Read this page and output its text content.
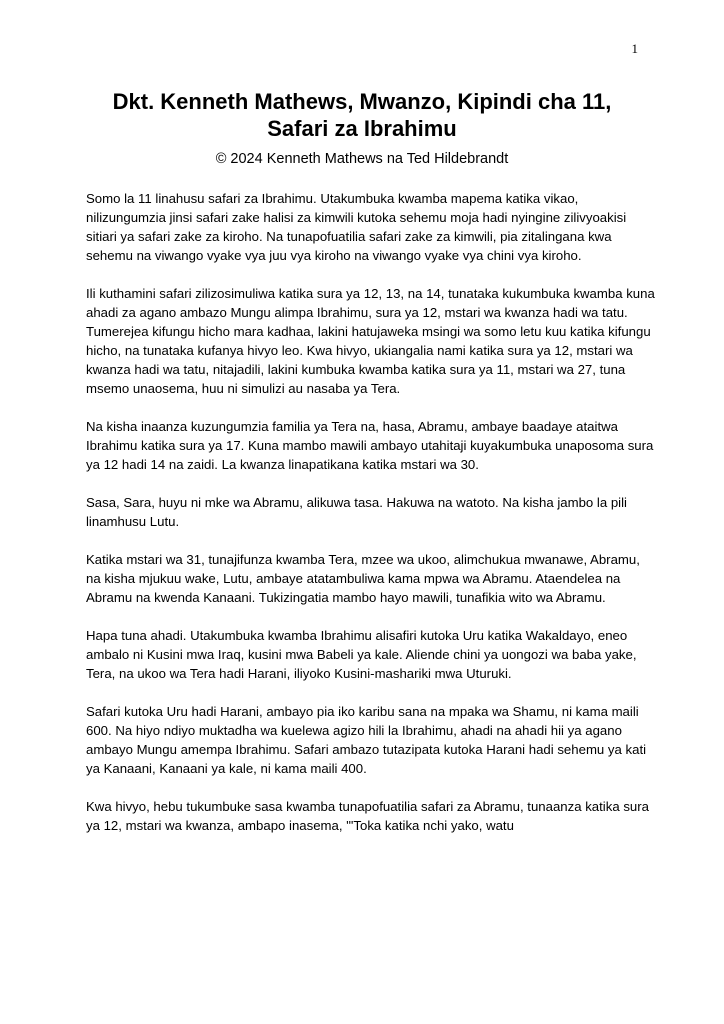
1
Dkt. Kenneth Mathews, Mwanzo, Kipindi cha 11,
Safari za Ibrahimu
© 2024 Kenneth Mathews na Ted Hildebrandt

Somo la 11 linahusu safari za Ibrahimu. Utakumbuka kwamba mapema katika vikao, nilizungumzia jinsi safari zake halisi za kimwili kutoka sehemu moja hadi nyingine zilivyoakisi sitiari ya safari zake za kiroho. Na tunapofuatilia safari zake za kimwili, pia zitalingana kwa sehemu na viwango vyake vya juu vya kiroho na viwango vyake vya chini vya kiroho.

Ili kuthamini safari zilizosimuliwa katika sura ya 12, 13, na 14, tunataka kukumbuka kwamba kuna ahadi za agano ambazo Mungu alimpa Ibrahimu, sura ya 12, mstari wa kwanza hadi wa tatu. Tumerejea kifungu hicho mara kadhaa, lakini hatujaweka msingi wa somo letu kuu katika kifungu hicho, na tunataka kufanya hivyo leo. Kwa hivyo, ukiangalia nami katika sura ya 12, mstari wa kwanza hadi wa tatu, nitajadili, lakini kumbuka kwamba katika sura ya 11, mstari wa 27, tuna msemo unaosema, huu ni simulizi au nasaba ya Tera.

Na kisha inaanza kuzungumzia familia ya Tera na, hasa, Abramu, ambaye baadaye ataitwa Ibrahimu katika sura ya 17. Kuna mambo mawili ambayo utahitaji kuyakumbuka unaposoma sura ya 12 hadi 14 na zaidi. La kwanza linapatikana katika mstari wa 30.

Sasa, Sara, huyu ni mke wa Abramu, alikuwa tasa. Hakuwa na watoto. Na kisha jambo la pili linamhusu Lutu.

Katika mstari wa 31, tunajifunza kwamba Tera, mzee wa ukoo, alimchukua mwanawe, Abramu, na kisha mjukuu wake, Lutu, ambaye atatambuliwa kama mpwa wa Abramu. Ataendelea na Abramu na kwenda Kanaani. Tukizingatia mambo hayo mawili, tunafikia wito wa Abramu.

Hapa tuna ahadi. Utakumbuka kwamba Ibrahimu alisafiri kutoka Uru katika Wakaldayo, eneo ambalo ni Kusini mwa Iraq, kusini mwa Babeli ya kale. Aliende chini ya uongozi wa baba yake, Tera, na ukoo wa Tera hadi Harani, iliyoko Kusini-mashariki mwa Uturuki.

Safari kutoka Uru hadi Harani, ambayo pia iko karibu sana na mpaka wa Shamu, ni kama maili 600. Na hiyo ndiyo muktadha wa kuelewa agizo hili la Ibrahimu, ahadi na ahadi hii ya agano ambayo Mungu amempa Ibrahimu. Safari ambazo tutazipata kutoka Harani hadi sehemu ya kati ya Kanaani, Kanaani ya kale, ni kama maili 400.

Kwa hivyo, hebu tukumbuke sasa kwamba tunapofuatilia safari za Abramu, tunaanza katika sura ya 12, mstari wa kwanza, ambapo inasema, "'Toka katika nchi yako, watu
